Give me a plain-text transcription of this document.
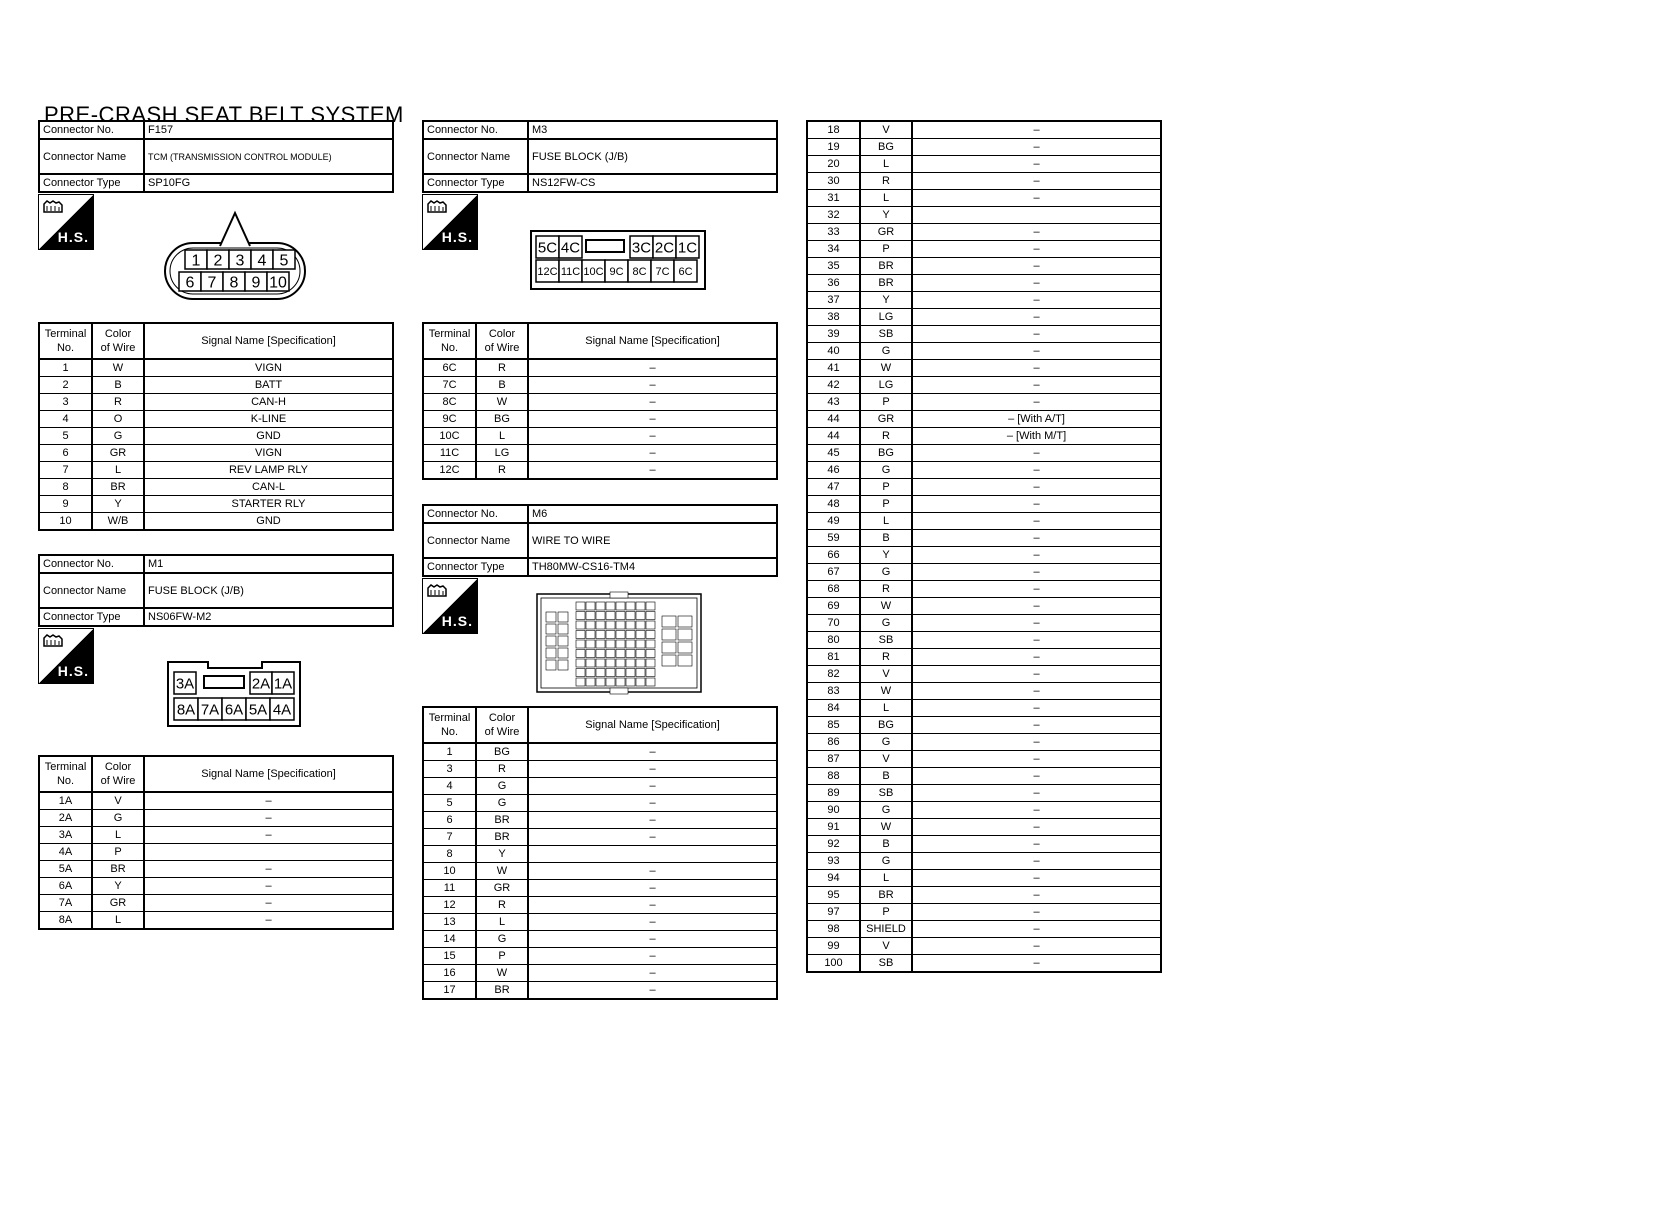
PRE-CRASH SEAT BELT SYSTEM
Connector No.	F157
Connector Name	TCM (TRANSMISSION CONTROL MODULE)
Connector Type	SP10FG
H.S.
1 2 3 4 5
6 7 8 9 10
Terminal
No.	Color
of Wire	Signal Name [Specification]
1	W	VIGN
2	B	BATT
3	R	CAN-H
4	O	K-LINE
5	G	GND
6	GR	VIGN
7	L	REV LAMP RLY
8	BR	CAN-L
9	Y	STARTER RLY
10	W/B	GND
Connector No.	M1
Connector Name	FUSE BLOCK (J/B)
Connector Type	NS06FW-M2
H.S.
3A	2A 1A
8A 7A 6A 5A 4A
Terminal
No.	Color
of Wire	Signal Name [Specification]
1A	V	–
2A	G	–
3A	L	–
4A	P	
5A	BR	–
6A	Y	–
7A	GR	–
8A	L	–
Connector No.	M3
Connector Name	FUSE BLOCK (J/B)
Connector Type	NS12FW-CS
H.S.
5C 4C	3C 2C 1C
12C 11C 10C 9C 8C 7C 6C
Terminal
No.	Color
of Wire	Signal Name [Specification]
6C	R	–
7C	B	–
8C	W	–
9C	BG	–
10C	L	–
11C	LG	–
12C	R	–
Connector No.	M6
Connector Name	WIRE TO WIRE
Connector Type	TH80MW-CS16-TM4
H.S.
Terminal
No.	Color
of Wire	Signal Name [Specification]
1	BG	–
3	R	–
4	G	–
5	G	–
6	BR	–
7	BR	–
8	Y	
10	W	–
11	GR	–
12	R	–
13	L	–
14	G	–
15	P	–
16	W	–
17	BR	–
18	V	–
19	BG	–
20	L	–
30	R	–
31	L	–
32	Y	
33	GR	–
34	P	–
35	BR	–
36	BR	–
37	Y	–
38	LG	–
39	SB	–
40	G	–
41	W	–
42	LG	–
43	P	–
44	GR	– [With A/T]
44	R	– [With M/T]
45	BG	–
46	G	–
47	P	–
48	P	–
49	L	–
59	B	–
66	Y	–
67	G	–
68	R	–
69	W	–
70	G	–
80	SB	–
81	R	–
82	V	–
83	W	–
84	L	–
85	BG	–
86	G	–
87	V	–
88	B	–
89	SB	–
90	G	–
91	W	–
92	B	–
93	G	–
94	L	–
95	BR	–
97	P	–
98	SHIELD	–
99	V	–
100	SB	–
